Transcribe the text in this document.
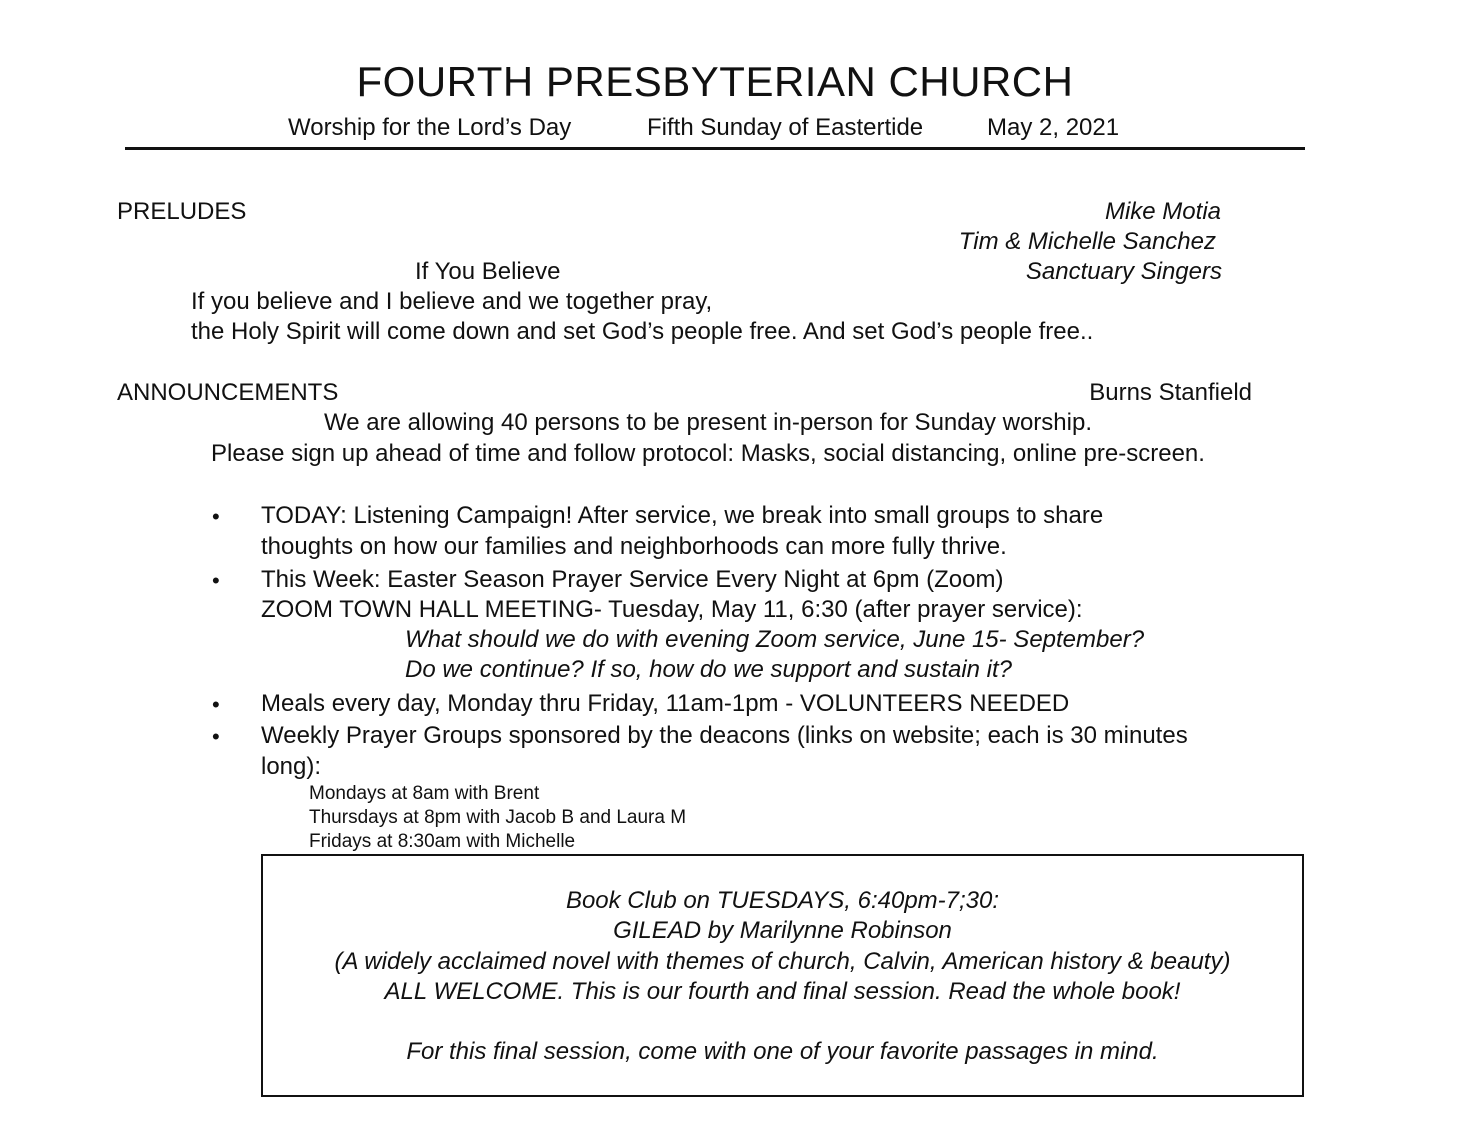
FOURTH PRESBYTERIAN CHURCH
Worship for the Lord’s Day	Fifth Sunday of Eastertide	May 2, 2021
PRELUDES	Mike Motia
Tim & Michelle Sanchez
Sanctuary Singers
If You Believe
If you believe and I believe and we together pray,
the Holy Spirit will come down and set God’s people free. And set God’s people free..
ANNOUNCEMENTS	Burns Stanfield
We are allowing 40 persons to be present in-person for Sunday worship.
Please sign up ahead of time and follow protocol: Masks, social distancing, online pre-screen.
• TODAY: Listening Campaign! After service, we break into small groups to share
thoughts on how our families and neighborhoods can more fully thrive.
• This Week: Easter Season Prayer Service Every Night at 6pm (Zoom)
ZOOM TOWN HALL MEETING- Tuesday, May 11, 6:30 (after prayer service):
What should we do with evening Zoom service, June 15- September?
Do we continue? If so, how do we support and sustain it?
• Meals every day, Monday thru Friday, 11am-1pm - VOLUNTEERS NEEDED
• Weekly Prayer Groups sponsored by the deacons (links on website; each is 30 minutes
long):
Mondays at 8am with Brent
Thursdays at 8pm with Jacob B and Laura M
Fridays at 8:30am with Michelle
Book Club on TUESDAYS, 6:40pm-7;30:
GILEAD by Marilynne Robinson
(A widely acclaimed novel with themes of church, Calvin, American history & beauty)
ALL WELCOME. This is our fourth and final session. Read the whole book!
For this final session, come with one of your favorite passages in mind.
